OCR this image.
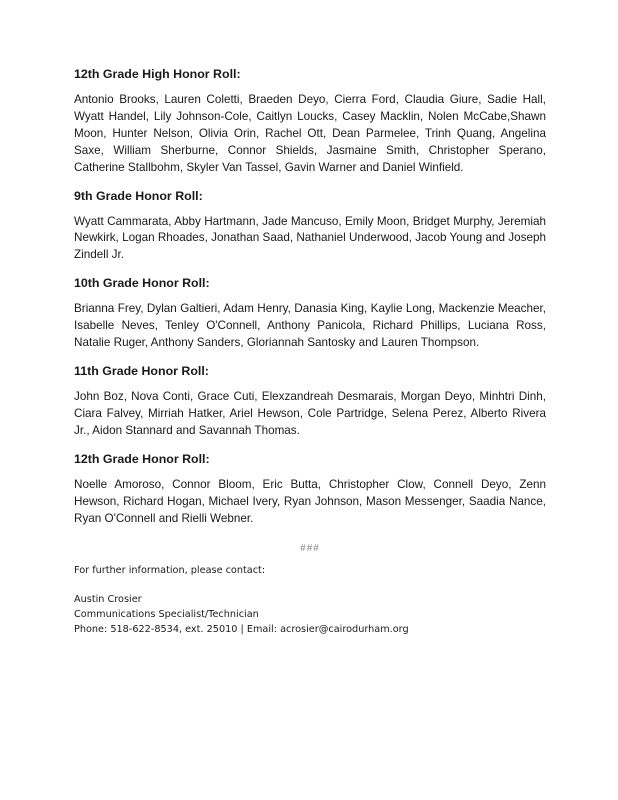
12th Grade High Honor Roll:
Antonio Brooks, Lauren Coletti, Braeden Deyo, Cierra Ford, Claudia Giure, Sadie Hall, Wyatt Handel, Lily Johnson-Cole, Caitlyn Loucks, Casey Macklin, Nolen McCabe,Shawn Moon, Hunter Nelson, Olivia Orin, Rachel Ott, Dean Parmelee, Trinh Quang, Angelina Saxe, William Sherburne, Connor Shields, Jasmaine Smith, Christopher Sperano, Catherine Stallbohm, Skyler Van Tassel, Gavin Warner and Daniel Winfield.
9th Grade Honor Roll:
Wyatt Cammarata, Abby Hartmann, Jade Mancuso, Emily Moon, Bridget Murphy, Jeremiah Newkirk, Logan Rhoades, Jonathan Saad, Nathaniel Underwood, Jacob Young and Joseph Zindell Jr.
10th Grade Honor Roll:
Brianna Frey, Dylan Galtieri, Adam Henry, Danasia King, Kaylie Long, Mackenzie Meacher, Isabelle Neves, Tenley O'Connell, Anthony Panicola, Richard Phillips, Luciana Ross, Natalie Ruger, Anthony Sanders, Gloriannah Santosky and Lauren Thompson.
11th Grade Honor Roll:
John Boz, Nova Conti, Grace Cuti, Elexzandreah Desmarais, Morgan Deyo, Minhtri Dinh, Ciara Falvey, Mirriah Hatker, Ariel Hewson, Cole Partridge, Selena Perez, Alberto Rivera Jr., Aidon Stannard and Savannah Thomas.
12th Grade Honor Roll:
Noelle Amoroso, Connor Bloom, Eric Butta, Christopher Clow, Connell Deyo, Zenn Hewson, Richard Hogan, Michael Ivery, Ryan Johnson, Mason Messenger, Saadia Nance, Ryan O'Connell and Rielli Webner.
###

For further information, please contact:

Austin Crosier

Communications Specialist/Technician

Phone: 518-622-8534, ext. 25010 | Email: acrosier@cairodurham.org
